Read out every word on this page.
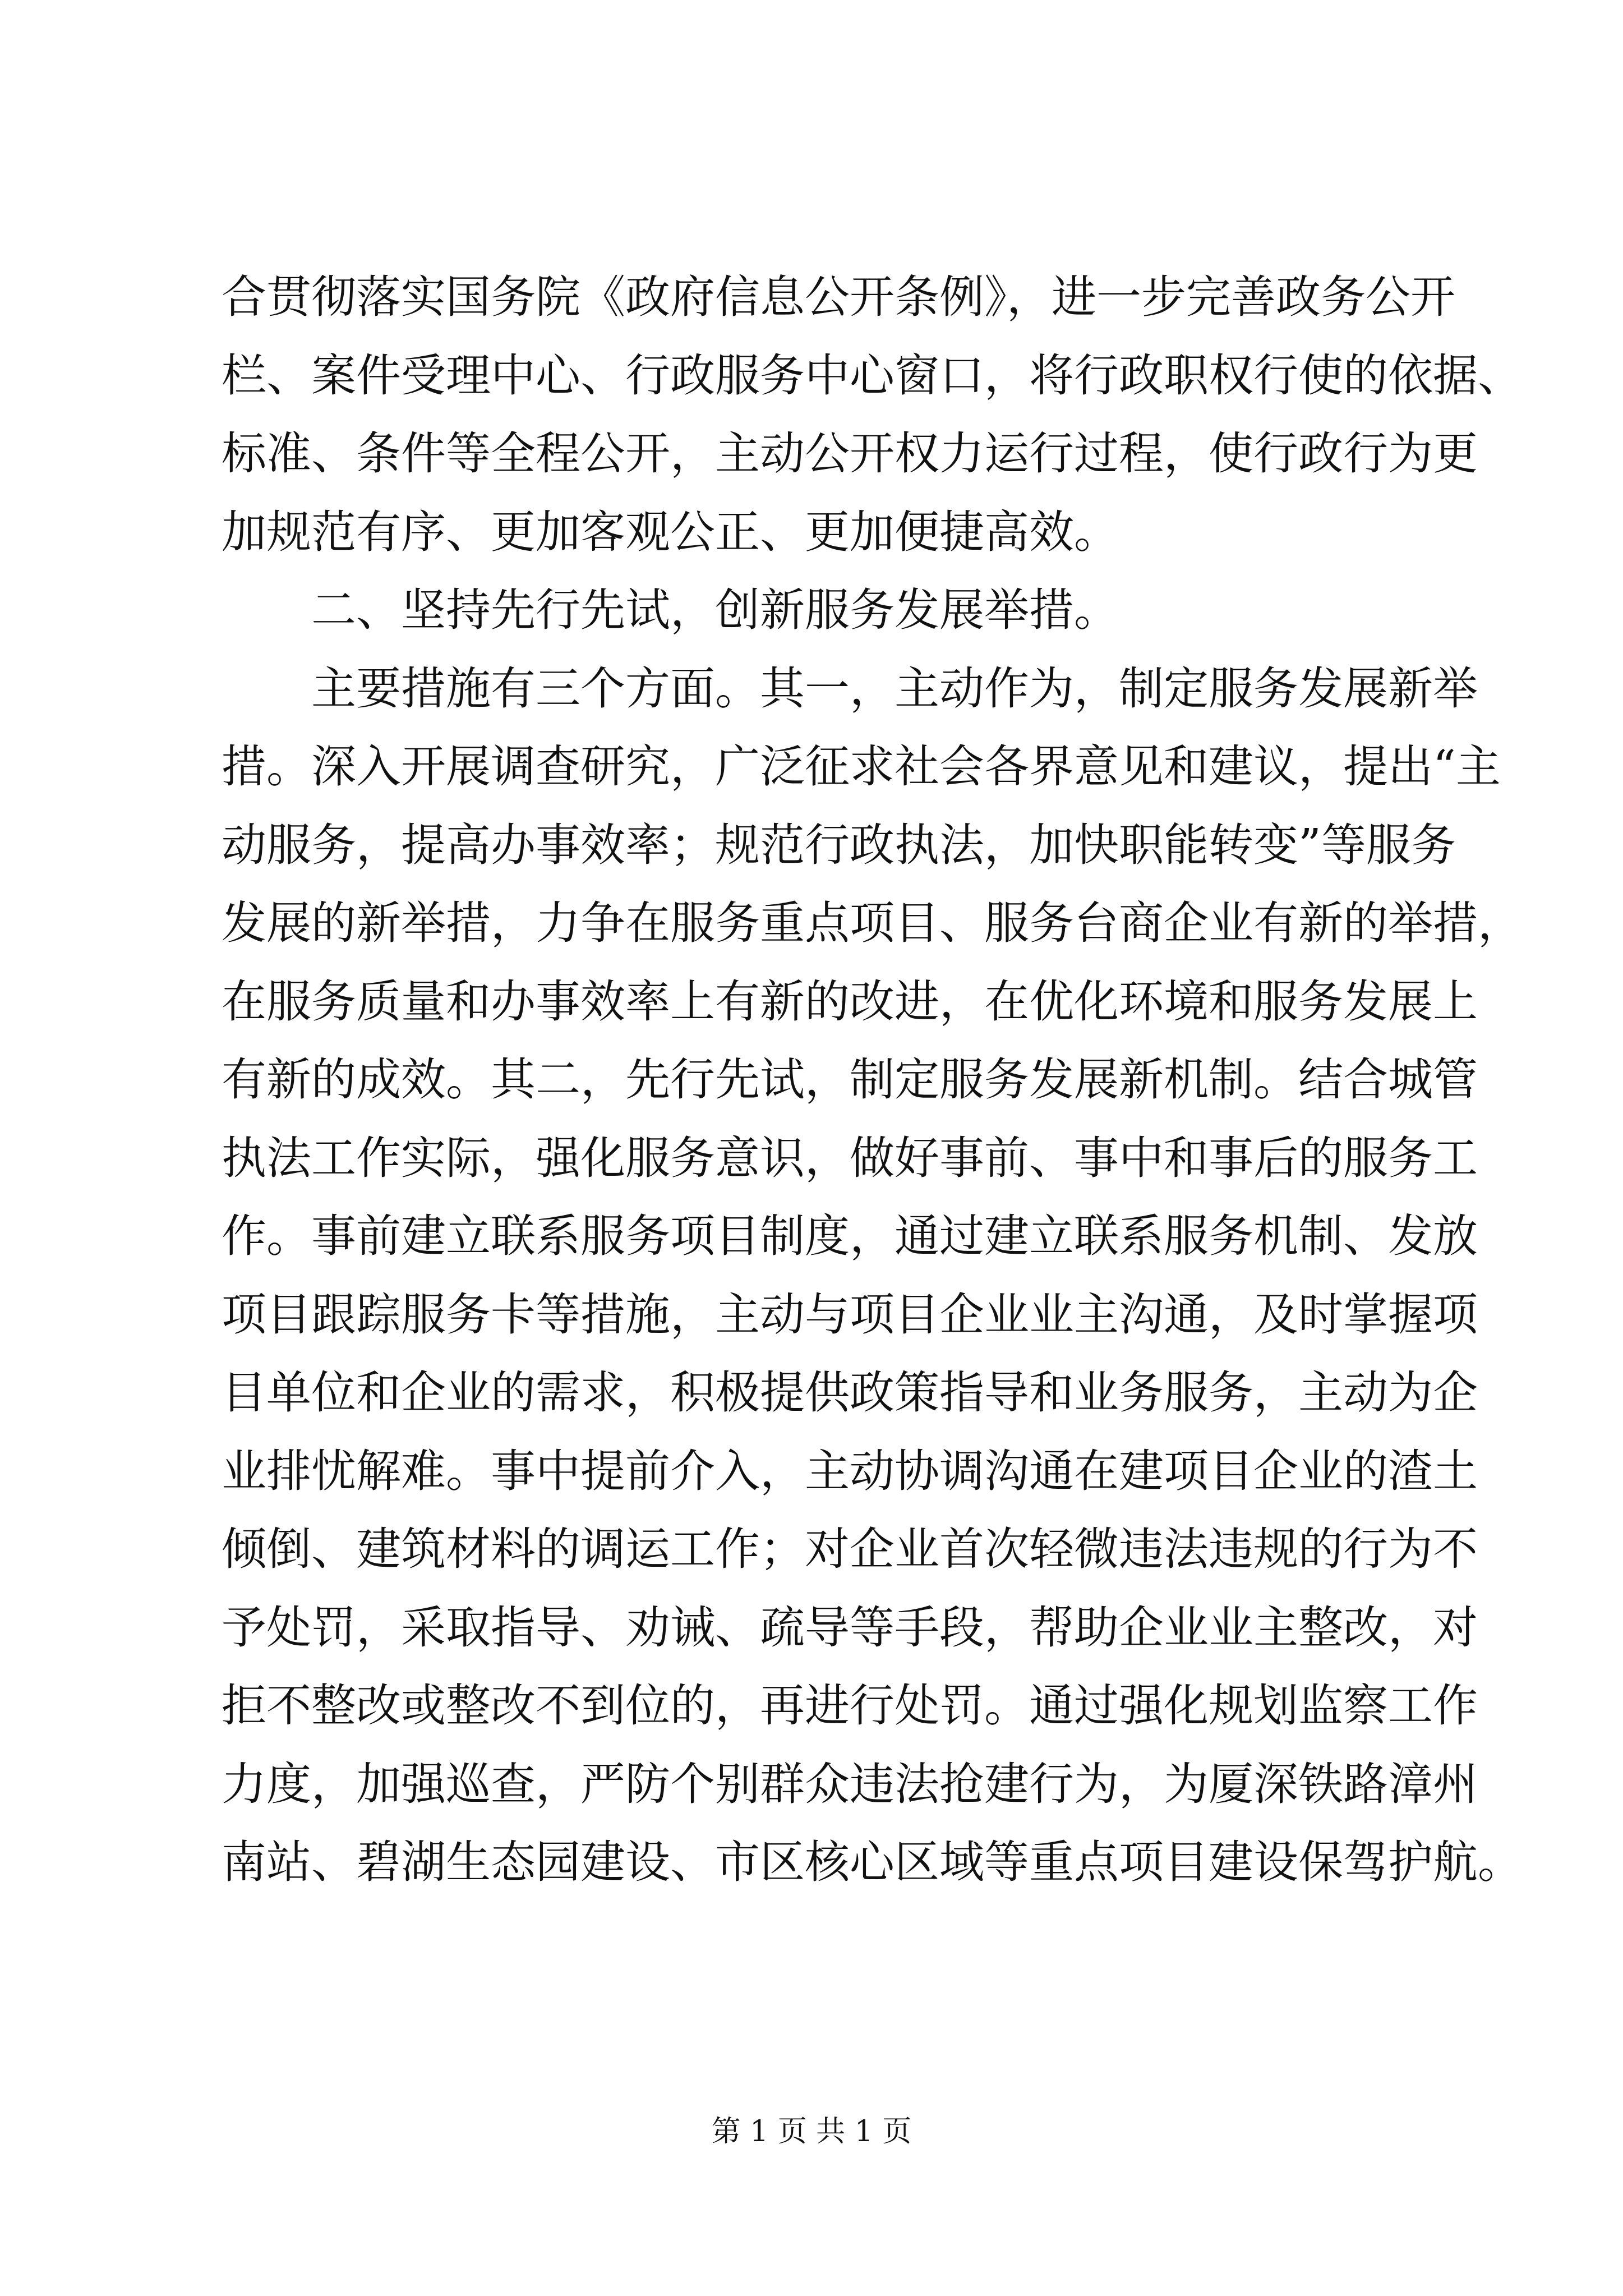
合贯彻落实国务院《政府信息公开条例》，进一步完善政务公开
栏、案件受理中心、行政服务中心窗口，将行政职权行使的依据、
标准、条件等全程公开，主动公开权力运行过程，使行政行为更
加规范有序、更加客观公正、更加便捷高效。
二、坚持先行先试，创新服务发展举措。
主要措施有三个方面。其一，主动作为，制定服务发展新举
措。深入开展调查研究，广泛征求社会各界意见和建议，提出“主
动服务，提高办事效率；规范行政执法，加快职能转变”等服务
发展的新举措，力争在服务重点项目、服务台商企业有新的举措，
在服务质量和办事效率上有新的改进，在优化环境和服务发展上
有新的成效。其二，先行先试，制定服务发展新机制。结合城管
执法工作实际，强化服务意识，做好事前、事中和事后的服务工
作。事前建立联系服务项目制度，通过建立联系服务机制、发放
项目跟踪服务卡等措施，主动与项目企业业主沟通，及时掌握项
目单位和企业的需求，积极提供政策指导和业务服务，主动为企
业排忧解难。事中提前介入，主动协调沟通在建项目企业的渣土
倾倒、建筑材料的调运工作；对企业首次轻微违法违规的行为不
予处罚，采取指导、劝诫、疏导等手段，帮助企业业主整改，对
拒不整改或整改不到位的，再进行处罚。通过强化规划监察工作
力度，加强巡查，严防个别群众违法抢建行为，为厦深铁路漳州
南站、碧湖生态园建设、市区核心区域等重点项目建设保驾护航。
第 1 页 共 1 页
